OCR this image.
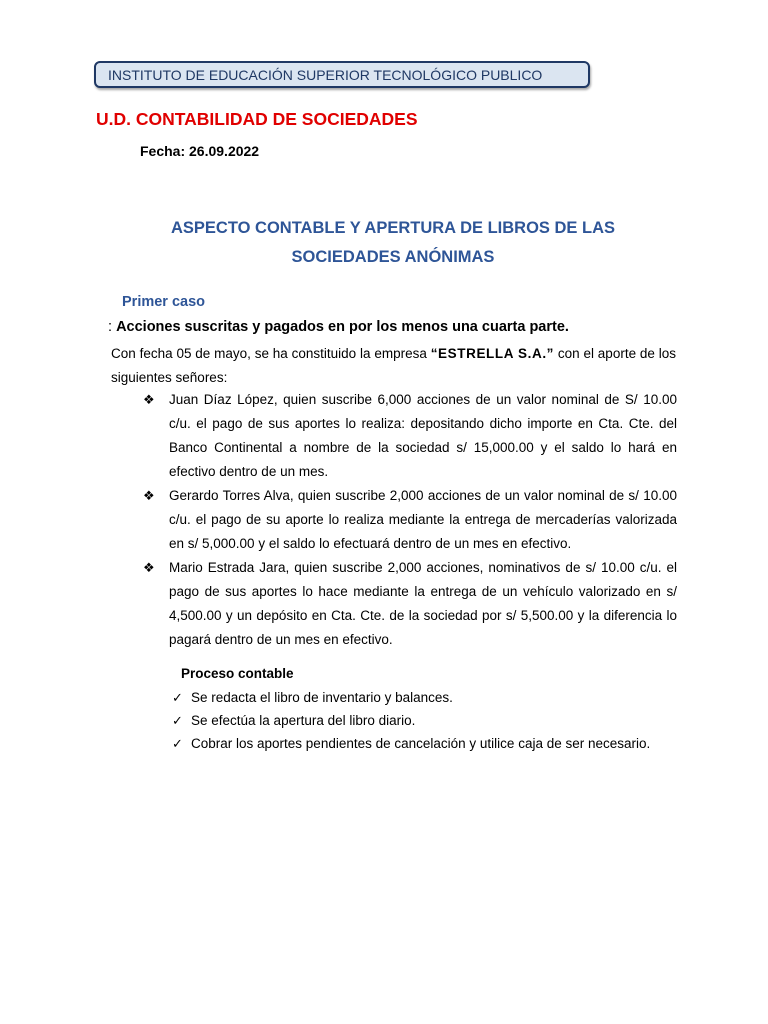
INSTITUTO DE EDUCACIÓN SUPERIOR TECNOLÓGICO PUBLICO
U.D. CONTABILIDAD DE SOCIEDADES
Fecha: 26.09.2022
ASPECTO CONTABLE Y APERTURA DE LIBROS DE LAS
SOCIEDADES ANÓNIMAS
Primer caso
: Acciones suscritas y pagados en por los menos una cuarta parte.
Con fecha 05 de mayo, se ha constituido la empresa “ESTRELLA S.A.” con el aporte de los siguientes señores:
❖ Juan Díaz López, quien suscribe 6,000 acciones de un valor nominal de S/ 10.00 c/u. el pago de sus aportes lo realiza: depositando dicho importe en Cta. Cte. del Banco Continental a nombre de la sociedad s/ 15,000.00 y el saldo lo hará en efectivo dentro de un mes.
❖ Gerardo Torres Alva, quien suscribe 2,000 acciones de un valor nominal de s/ 10.00 c/u. el pago de su aporte lo realiza mediante la entrega de mercaderías valorizada en s/ 5,000.00 y el saldo lo efectuará dentro de un mes en efectivo.
❖ Mario Estrada Jara, quien suscribe 2,000 acciones, nominativos de s/ 10.00 c/u. el pago de sus aportes lo hace mediante la entrega de un vehículo valorizado en s/ 4,500.00 y un depósito en Cta. Cte. de la sociedad por s/ 5,500.00 y la diferencia lo pagará dentro de un mes en efectivo.
Proceso contable
✓ Se redacta el libro de inventario y balances.
✓ Se efectúa la apertura del libro diario.
✓ Cobrar los aportes pendientes de cancelación y utilice caja de ser necesario.
